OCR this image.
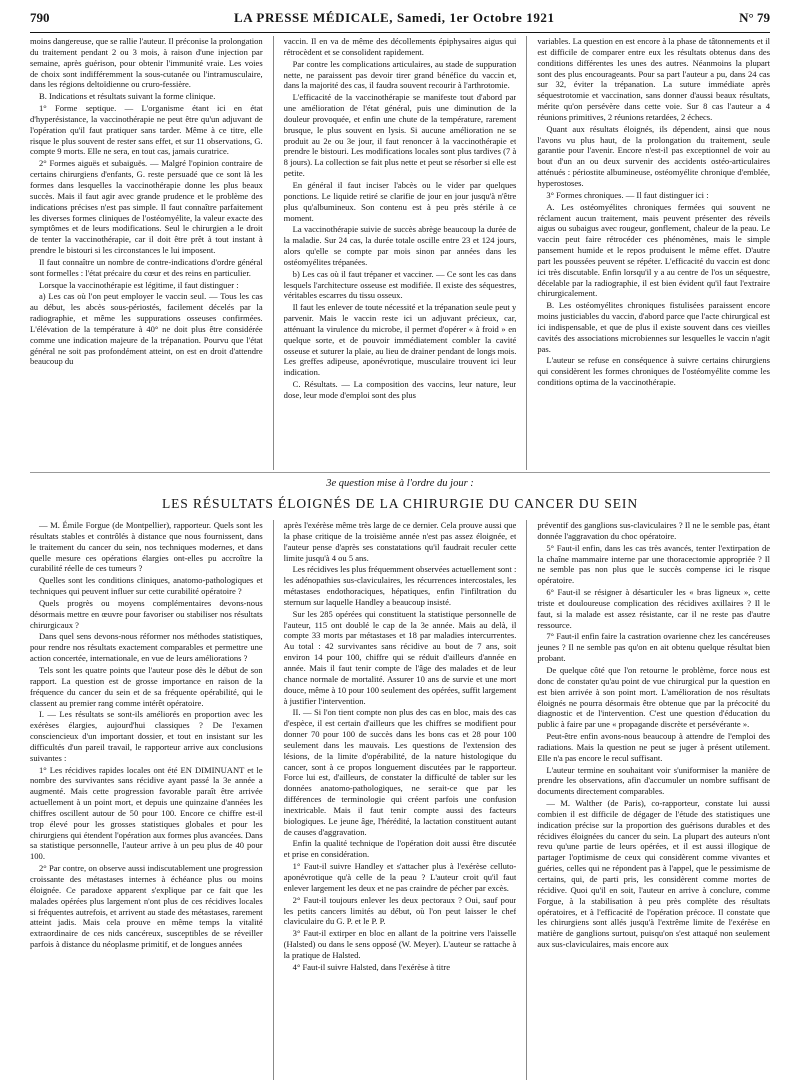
790	LA PRESSE MÉDICALE, Samedi, 1er Octobre 1921	N° 79

moins dangereuse, que se rallie l'auteur. Il préconise la prolongation du traitement pendant 2 ou 3 mois, à raison d'une injection par semaine, après guérison, pour obtenir l'immunité vraie. Les voies de choix sont indifféremment la sous-cutanée ou l'intramusculaire, dans les régions deltoïdienne ou cruro-fessière.

B. Indications et résultats suivant la forme clinique.

1° Forme septique. — L'organisme étant ici en état d'hyperésistance, la vaccinothérapie ne peut être qu'un adjuvant de l'opération qu'il faut pratiquer sans tarder. Même à ce titre, elle risque le plus souvent de rester sans effet, et sur 11 observations, G. compte 9 morts. Elle ne sera, en tout cas, jamais curatrice.

2° Formes aiguës et subaiguës. — Malgré l'opinion contraire de certains chirurgiens d'enfants, G. reste persuadé que ce sont là les formes dans lesquelles la vaccinothérapie donne les plus beaux succès. Mais il faut agir avec grande prudence et le problème des indications précises n'est pas simple. Il faut connaître parfaitement les diverses formes cliniques de l'ostéomyélite, la valeur exacte des symptômes et de leurs modifications. Seul le chirurgien a le droit de tenter la vaccinothérapie, car il doit être prêt à tout instant à prendre le bistouri si les circonstances le lui imposent.

Il faut connaître un nombre de contre-indications d'ordre général sont formelles : l'état précaire du cœur et des reins en particulier.

Lorsque la vaccinothérapie est légitime, il faut distinguer :

a) Les cas où l'on peut employer le vaccin seul. — Tous les cas au début, les abcès sous-périostés, facilement décelés par la radiographie, et même les suppurations osseuses confirmées. L'élévation de la température à 40° ne doit plus être considérée comme une indication majeure de la trépanation. Pourvu que l'état général ne soit pas profondément atteint, on est en droit d'attendre beaucoup du

vaccin. Il en va de même des décollements épiphysaires aigus qui rétrocèdent et se consolident rapidement.

Par contre les complications articulaires, au stade de suppuration nette, ne paraissent pas devoir tirer grand bénéfice du vaccin et, dans la majorité des cas, il faudra souvent recourir à l'arthrotomie.

L'efficacité de la vaccinothérapie se manifeste tout d'abord par une amélioration de l'état général, puis une diminution de la douleur provoquée, et enfin une chute de la température, rarement brusque, le plus souvent en lysis. Si aucune amélioration ne se produit au 2e ou 3e jour, il faut renoncer à la vaccinothérapie et prendre le bistouri. Les modifications locales sont plus tardives (7 à 8 jours). La collection se fait plus nette et peut se résorber si elle est petite.

En général il faut inciser l'abcès ou le vider par quelques ponctions. Le liquide retiré se clarifie de jour en jour jusqu'à n'être plus qu'albumineux. Son contenu est à peu près stérile à ce moment.

La vaccinothérapie suivie de succès abrège beaucoup la durée de la maladie. Sur 24 cas, la durée totale oscille entre 23 et 124 jours, alors qu'elle se compte par mois sinon par années dans les ostéomyélites trépanées.

b) Les cas où il faut trépaner et vacciner. — Ce sont les cas dans lesquels l'architecture osseuse est modifiée. Il existe des séquestres, véritables escarres du tissu osseux.

Il faut les enlever de toute nécessité et la trépanation seule peut y parvenir. Mais le vaccin reste ici un adjuvant précieux, car, atténuant la virulence du microbe, il permet d'opérer « à froid » en quelque sorte, et de pouvoir immédiatement combler la cavité osseuse et suturer la plaie, au lieu de drainer pendant de longs mois. Les greffes adipeuse, aponévrotique, musculaire trouvent ici leur indication.

C. Résultats. — La composition des vaccins, leur nature, leur dose, leur mode d'emploi sont des plus

variables. La question en est encore à la phase de tâtonnements et il est difficile de comparer entre eux les résultats obtenus dans des conditions différentes les unes des autres. Néanmoins la plupart sont des plus encourageants. Pour sa part l'auteur a pu, dans 24 cas sur 32, éviter la trépanation. La suture immédiate après séquestrotomie et vaccination, sans donner d'aussi beaux résultats, mérite qu'on persévère dans cette voie. Sur 8 cas l'auteur a 4 réunions primitives, 2 réunions retardées, 2 échecs.

Quant aux résultats éloignés, ils dépendent, ainsi que nous l'avons vu plus haut, de la prolongation du traitement, seule garantie pour l'avenir. Encore n'est-il pas exceptionnel de voir au bout d'un an ou deux survenir des accidents ostéo-articulaires atténués : périostite albumineuse, ostéomyélite chronique d'emblée, hyperostoses.

3° Formes chroniques. — Il faut distinguer ici :

A. Les ostéomyélites chroniques fermées qui souvent ne réclament aucun traitement, mais peuvent présenter des réveils aigus ou subaigus avec rougeur, gonflement, chaleur de la peau. Le vaccin peut faire rétrocéder ces phénomènes, mais le simple pansement humide et le repos produisent le même effet. D'autre part les poussées peuvent se répéter. L'efficacité du vaccin est donc ici très discutable. Enfin lorsqu'il y a au centre de l'os un séquestre, décelable par la radiographie, il est bien évident qu'il faut l'extraire chirurgicalement.

B. Les ostéomyélites chroniques fistulisées paraissent encore moins justiciables du vaccin, d'abord parce que l'acte chirurgical est ici indispensable, et que de plus il existe souvent dans ces vieilles cavités des associations microbiennes sur lesquelles le vaccin n'agit pas.

L'auteur se refuse en conséquence à suivre certains chirurgiens qui considèrent les formes chroniques de l'ostéomyélite comme les conditions optima de la vaccinothérapie.

3e question mise à l'ordre du jour :
LES RÉSULTATS ÉLOIGNÉS DE LA CHIRURGIE DU CANCER DU SEIN

— M. Émile Forgue (de Montpellier), rapporteur. Quels sont les résultats stables et contrôlés à distance que nous fournissent, dans le traitement du cancer du sein, nos techniques modernes, et dans quelle mesure ces opérations élargies ont-elles pu accroître la curabilité réelle de ces tumeurs ?

Quelles sont les conditions cliniques, anatomo-pathologiques et techniques qui peuvent influer sur cette curabilité opératoire ?

Quels progrès ou moyens complémentaires devons-nous désormais mettre en œuvre pour favoriser ou stabiliser nos résultats chirurgicaux ?

Dans quel sens devons-nous réformer nos méthodes statistiques, pour rendre nos résultats exactement comparables et permettre une action concertée, internationale, en vue de leurs améliorations ?

Tels sont les quatre points que l'auteur pose dès le début de son rapport. La question est de grosse importance en raison de la fréquence du cancer du sein et de sa fréquente opérabilité, qui le classent au premier rang comme intérêt opératoire.

I. — Les résultats se sont-ils améliorés en proportion avec les exérèses élargies, aujourd'hui classiques ? De l'examen consciencieux d'un important dossier, et tout en insistant sur les difficultés d'un pareil travail, le rapporteur arrive aux conclusions suivantes :

1° Les récidives rapides locales ont été EN DIMINUANT et le nombre des survivantes sans récidive ayant passé la 3e année a augmenté. Mais cette progression favorable paraît être arrivée actuellement à un point mort, et depuis une quinzaine d'années les chiffres oscillent autour de 50 pour 100. Encore ce chiffre est-il trop élevé pour les grosses statistiques globales et pour les chirurgiens qui étendent l'opération aux formes plus avancées. Dans sa statistique personnelle, l'auteur arrive à un peu plus de 40 pour 100.

2° Par contre, on observe aussi indiscutablement une progression croissante des métastases internes à échéance plus ou moins éloignée. Ce paradoxe apparent s'explique par ce fait que les malades opérées plus largement n'ont plus de ces récidives locales si fréquentes autrefois, et arrivent au stade des métastases, rarement atteint jadis. Mais cela prouve en même temps la vitalité extraordinaire de ces nids cancéreux, susceptibles de se réveiller parfois à distance du néoplasme primitif, et de longues années

après l'exérèse même très large de ce dernier. Cela prouve aussi que la phase critique de la troisième année n'est pas assez éloignée, et l'auteur pense d'après ses constatations qu'il faudrait reculer cette limite jusqu'à 4 ou 5 ans.

Les récidives les plus fréquemment observées actuellement sont : les adénopathies sus-claviculaires, les récurrences intercostales, les métastases endothoraciques, hépatiques, enfin l'infiltration du sternum sur laquelle Handley a beaucoup insisté.

Sur les 285 opérées qui constituent la statistique personnelle de l'auteur, 115 ont doublé le cap de la 3e année. Mais au delà, il compte 33 morts par métastases et 18 par maladies intercurrentes. Au total : 42 survivantes sans récidive au bout de 7 ans, soit environ 14 pour 100, chiffre qui se réduit d'ailleurs d'année en année. Mais il faut tenir compte de l'âge des malades et de leur chance normale de mortalité. Assurer 10 ans de survie et une mort douce, même à 10 pour 100 seulement des opérées, suffit largement à justifier l'intervention.

II. — Si l'on tient compte non plus des cas en bloc, mais des cas d'espèce, il est certain d'ailleurs que les chiffres se modifient pour donner 70 pour 100 de succès dans les bons cas et 28 pour 100 seulement dans les mauvais. Les questions de l'extension des lésions, de la limite d'opérabilité, de la nature histologique du cancer, sont à ce propos longuement discutées par le rapporteur. Force lui est, d'ailleurs, de constater la difficulté de tabler sur les données anatomo-pathologiques, ne serait-ce que par les différences de terminologie qui créent parfois une confusion inextricable. Mais il faut tenir compte aussi des facteurs biologiques. Le jeune âge, l'hérédité, la lactation constituent autant de causes d'aggravation.

Enfin la qualité technique de l'opération doit aussi être discutée et prise en considération.

1° Faut-il suivre Handley et s'attacher plus à l'exérèse celluto-aponévrotique qu'à celle de la peau ? L'auteur croit qu'il faut enlever largement les deux et ne pas craindre de pécher par excès.

2° Faut-il toujours enlever les deux pectoraux ? Oui, sauf pour les petits cancers limités au début, où l'on peut laisser le chef claviculaire du G. P. et le P. P.

3° Faut-il extirper en bloc en allant de la poitrine vers l'aisselle (Halsted) ou dans le sens opposé (W. Meyer). L'auteur se rattache à la pratique de Halsted.

4° Faut-il suivre Halsted, dans l'exérèse à titre

préventif des ganglions sus-claviculaires ? Il ne le semble pas, étant donnée l'aggravation du choc opératoire.

5° Faut-il enfin, dans les cas très avancés, tenter l'extirpation de la chaîne mammaire interne par une thoracectomie appropriée ? Il ne semble pas non plus que le succès compense ici le risque opératoire.

6° Faut-il se résigner à désarticuler les « bras ligneux », cette triste et douloureuse complication des récidives axillaires ? Il le faut, si la malade est assez résistante, car il ne reste pas d'autre ressource.

7° Faut-il enfin faire la castration ovarienne chez les cancéreuses jeunes ? Il ne semble pas qu'on en ait obtenu quelque résultat bien probant.

De quelque côté que l'on retourne le problème, force nous est donc de constater qu'au point de vue chirurgical pur la question en est bien arrivée à son point mort. L'amélioration de nos résultats éloignés ne pourra désormais être obtenue que par la précocité du diagnostic et de l'intervention. C'est une question d'éducation du public à faire par une « propagande discrète et persévérante ».

Peut-être enfin avons-nous beaucoup à attendre de l'emploi des radiations. Mais la question ne peut se juger à présent utilement. Elle n'a pas encore le recul suffisant.

L'auteur termine en souhaitant voir s'uniformiser la manière de prendre les observations, afin d'accumuler un nombre suffisant de documents directement comparables.

— M. Walther (de Paris), co-rapporteur, constate lui aussi combien il est difficile de dégager de l'étude des statistiques une indication précise sur la proportion des guérisons durables et des récidives éloignées du cancer du sein. La plupart des auteurs n'ont revu qu'une partie de leurs opérées, et il est aussi illogique de partager l'optimisme de ceux qui considèrent comme vivantes et guéries, celles qui ne répondent pas à l'appel, que le pessimisme de certains, qui, de parti pris, les considèrent comme mortes de récidive. Quoi qu'il en soit, l'auteur en arrive à conclure, comme Forgue, à la stabilisation à peu près complète des résultats opératoires, et à l'efficacité de l'opération précoce. Il constate que les chirurgiens sont allés jusqu'à l'extrême limite de l'exérèse en matière de ganglions surtout, puisqu'on s'est attaqué non seulement aux sus-claviculaires, mais encore aux
